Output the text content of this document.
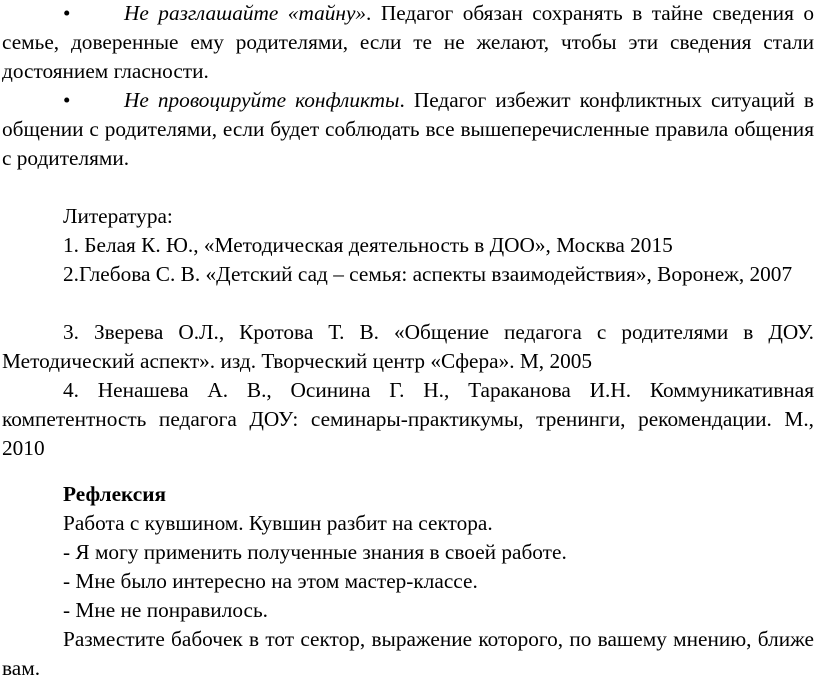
•	Не разглашайте «тайну». Педагог обязан сохранять в тайне сведения о семье, доверенные ему родителями, если те не желают, чтобы эти сведения стали достоянием гласности.
•	Не провоцируйте конфликты. Педагог избежит конфликтных ситуаций в общении с родителями, если будет соблюдать все вышеперечисленные правила общения с родителями.
Литература:
1. Белая К. Ю., «Методическая деятельность в ДОО», Москва 2015
2.Глебова С. В. «Детский сад – семья: аспекты взаимодействия», Воронеж, 2007
3. Зверева О.Л., Кротова Т. В. «Общение педагога с родителями в ДОУ. Методический аспект». изд. Творческий центр «Сфера». М, 2005
4. Ненашева А. В., Осинина Г. Н., Тараканова И.Н. Коммуникативная компетентность педагога ДОУ: семинары-практикумы, тренинги, рекомендации. М., 2010
Рефлексия
Работа с кувшином. Кувшин разбит на сектора.
- Я могу применить полученные знания в своей работе.
- Мне было интересно на этом мастер-классе.
- Мне не понравилось.
Разместите бабочек в тот сектор, выражение которого, по вашему мнению, ближе вам.
